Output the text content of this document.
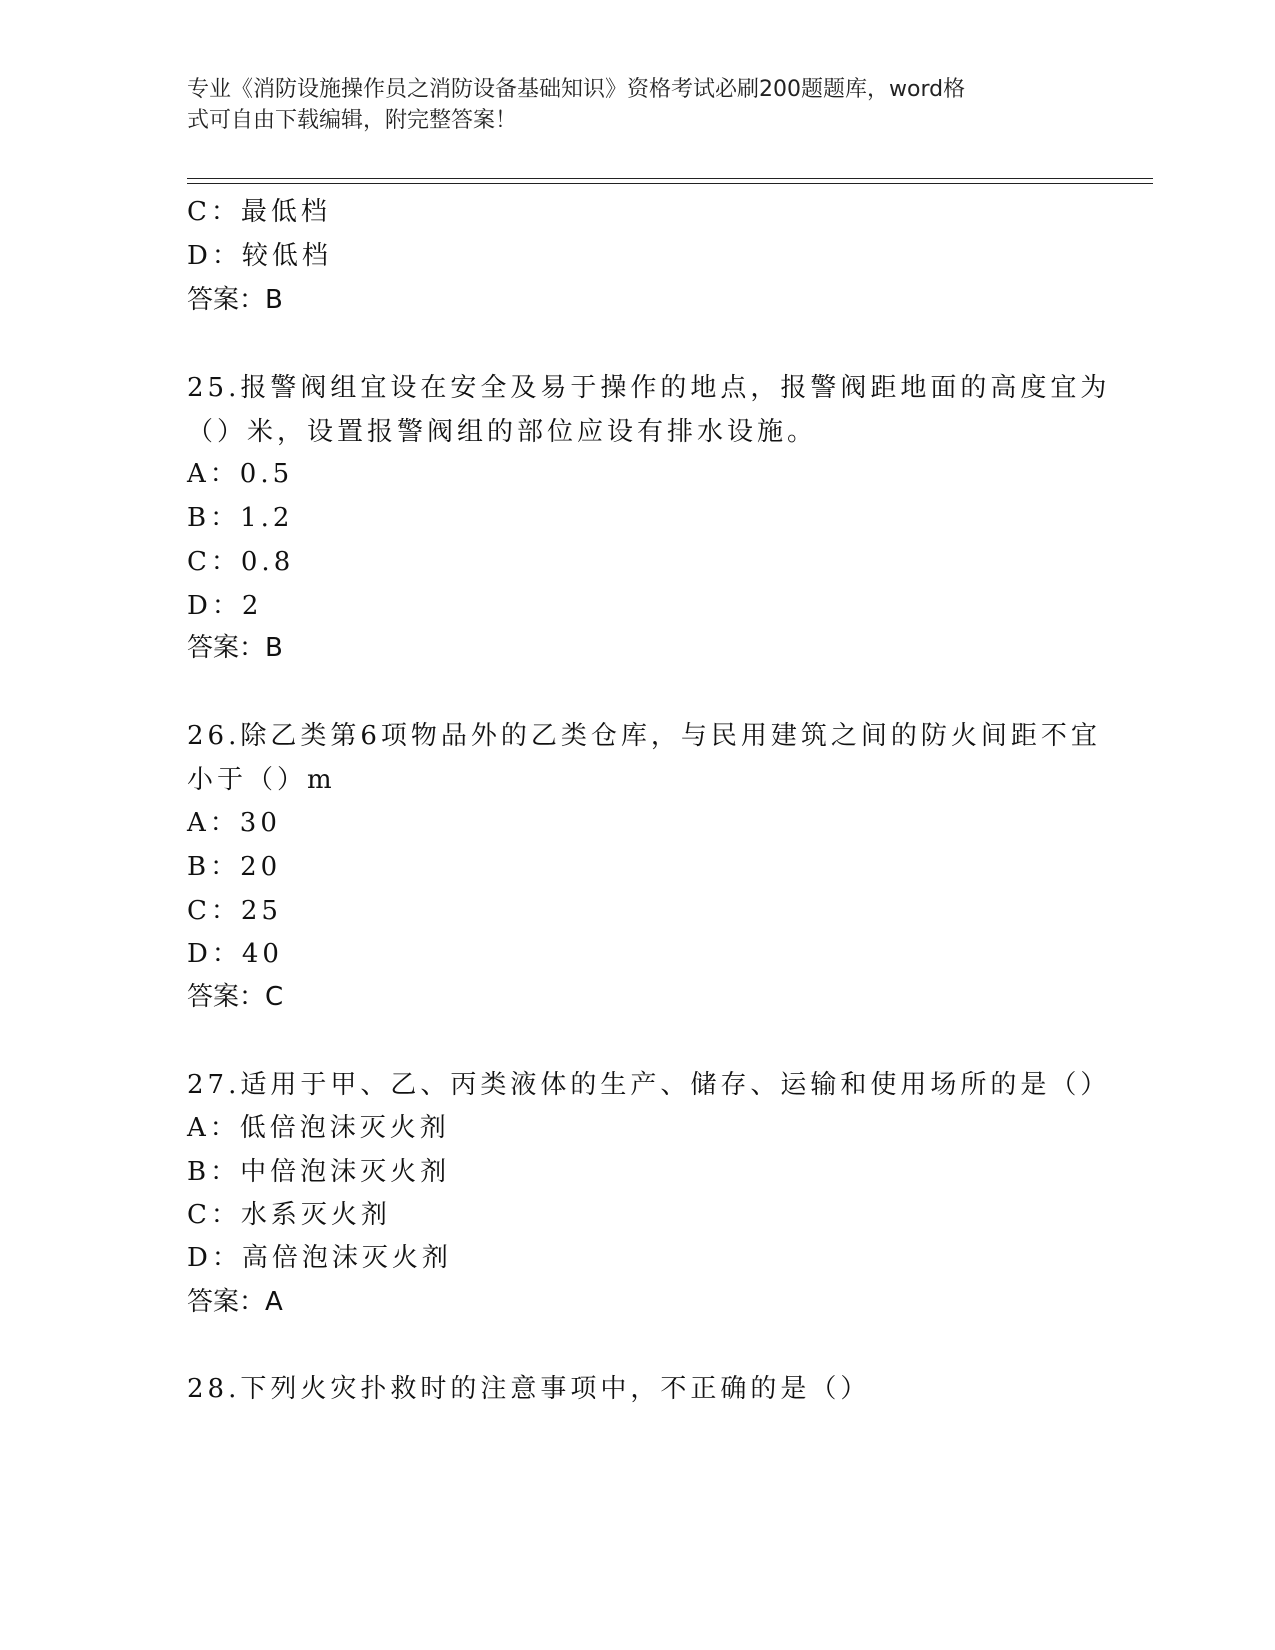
专业《消防设施操作员之消防设备基础知识》资格考试必刷200题题库，word格
式可自由下载编辑，附完整答案！
C：最低档
D：较低档
答案：B
25.报警阀组宜设在安全及易于操作的地点，报警阀距地面的高度宜为
（）米，设置报警阀组的部位应设有排水设施。
A：0.5
B：1.2
C：0.8
D：2
答案：B
26.除乙类第6项物品外的乙类仓库，与民用建筑之间的防火间距不宜
小于（）m
A：30
B：20
C：25
D：40
答案：C
27.适用于甲、乙、丙类液体的生产、储存、运输和使用场所的是（）
A：低倍泡沫灭火剂
B：中倍泡沫灭火剂
C：水系灭火剂
D：高倍泡沫灭火剂
答案：A
28.下列火灾扑救时的注意事项中，不正确的是（）
